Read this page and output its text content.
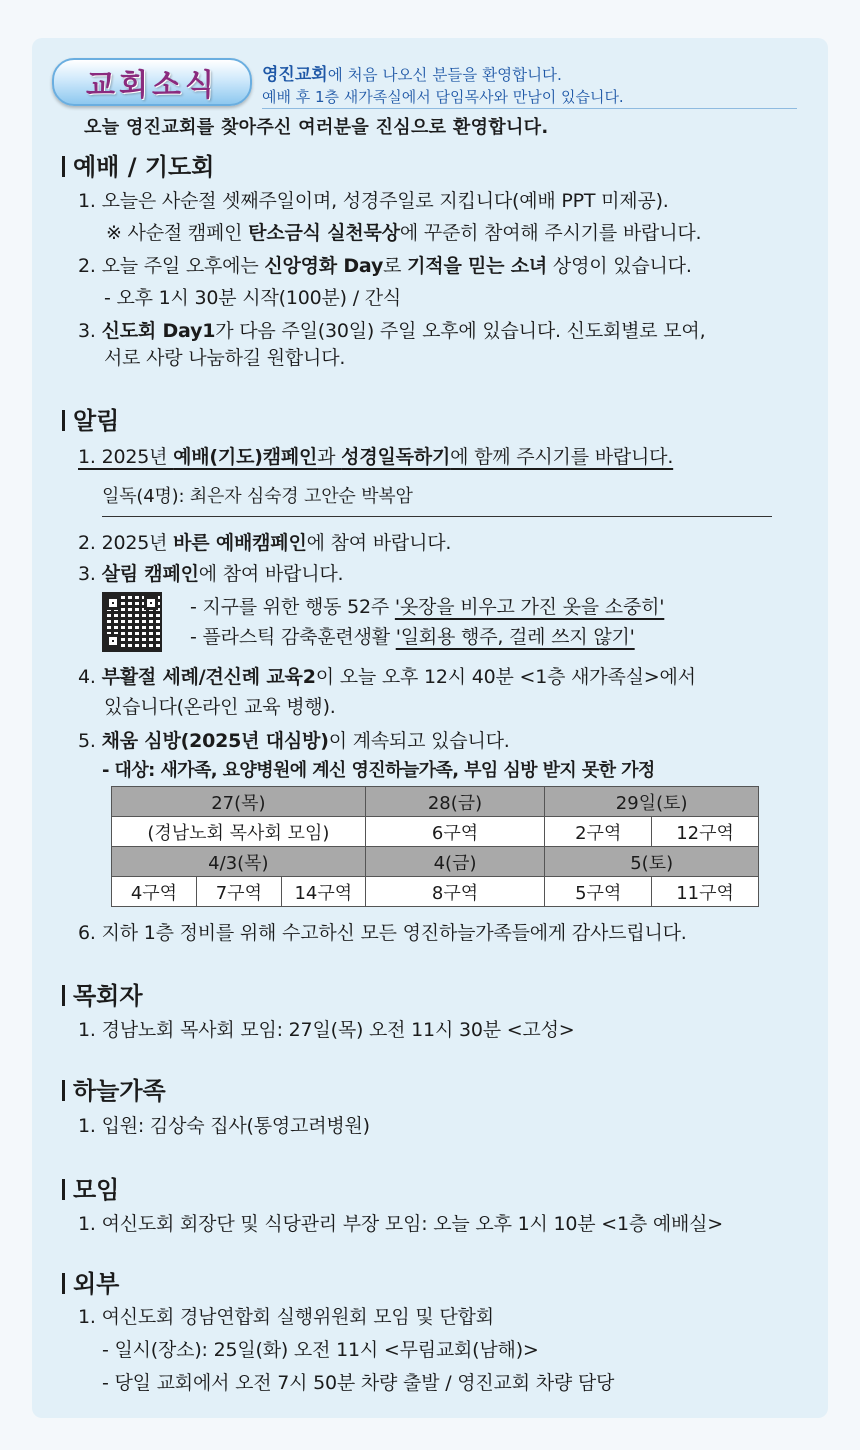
교회소식	영진교회에 처음 나오신 분들을 환영합니다.
예배 후 1층 새가족실에서 담임목사와 만남이 있습니다.
오늘 영진교회를 찾아주신 여러분을 진심으로 환영합니다.
예배 / 기도회
1. 오늘은 사순절 셋째주일이며, 성경주일로 지킵니다(예배 PPT 미제공).
※ 사순절 캠페인 탄소금식 실천묵상에 꾸준히 참여해 주시기를 바랍니다.
2. 오늘 주일 오후에는 신앙영화 Day로 기적을 믿는 소녀 상영이 있습니다.
- 오후 1시 30분 시작(100분) / 간식
3. 신도회 Day1가 다음 주일(30일) 주일 오후에 있습니다. 신도회별로 모여,
서로 사랑 나눔하길 원합니다.
알림
1. 2025년 예배(기도)캠페인과 성경일독하기에 함께 주시기를 바랍니다.
일독(4명): 최은자 심숙경 고안순 박복암
2. 2025년 바른 예배캠페인에 참여 바랍니다.
3. 살림 캠페인에 참여 바랍니다.
- 지구를 위한 행동 52주 '옷장을 비우고 가진 옷을 소중히'
- 플라스틱 감축훈련생활 '일회용 행주, 걸레 쓰지 않기'
4. 부활절 세례/견신례 교육2이 오늘 오후 12시 40분 <1층 새가족실>에서
있습니다(온라인 교육 병행).
5. 채움 심방(2025년 대심방)이 계속되고 있습니다.
- 대상: 새가족, 요양병원에 계신 영진하늘가족, 부임 심방 받지 못한 가정
27(목)			28(금)	29일(토)	
(경남노회 목사회 모임)			6구역	2구역	12구역
4/3(목)			4(금)	5(토)	
4구역	7구역	14구역	8구역	5구역	11구역
6. 지하 1층 정비를 위해 수고하신 모든 영진하늘가족들에게 감사드립니다.
목회자
1. 경남노회 목사회 모임: 27일(목) 오전 11시 30분 <고성>
하늘가족
1. 입원: 김상숙 집사(통영고려병원)
모임
1. 여신도회 회장단 및 식당관리 부장 모임: 오늘 오후 1시 10분 <1층 예배실>
외부
1. 여신도회 경남연합회 실행위원회 모임 및 단합회
- 일시(장소): 25일(화) 오전 11시 <무림교회(남해)>
- 당일 교회에서 오전 7시 50분 차량 출발 / 영진교회 차량 담당
